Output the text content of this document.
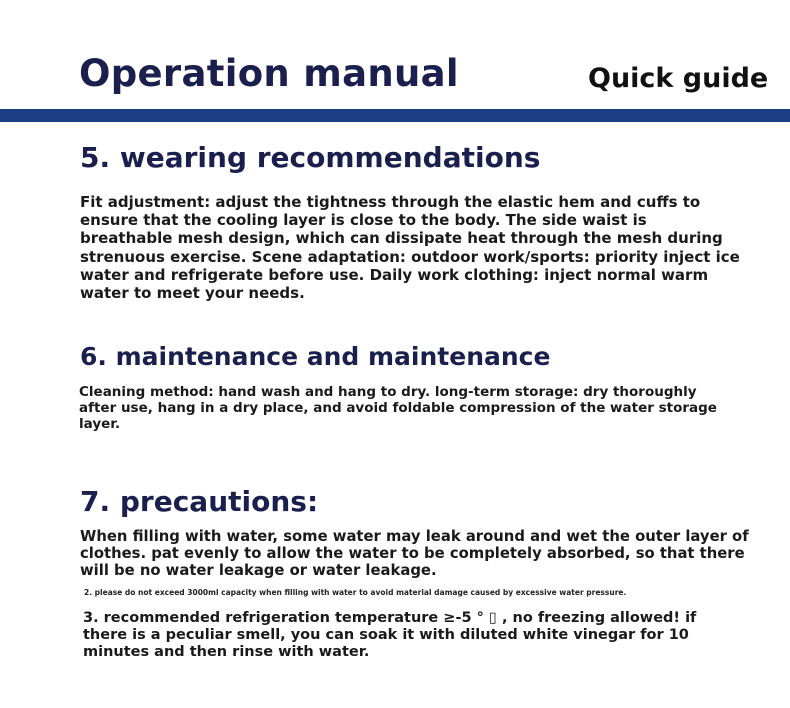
Operation manual	Quick guide
5. wearing recommendations

Fit adjustment: adjust the tightness through the elastic hem and cuffs to ensure that the cooling layer is close to the body. The side waist is breathable mesh design, which can dissipate heat through the mesh during strenuous exercise. Scene adaptation: outdoor work/sports: priority inject ice water and refrigerate before use. Daily work clothing: inject normal warm water to meet your needs.

6. maintenance and maintenance

Cleaning method: hand wash and hang to dry. long-term storage: dry thoroughly after use, hang in a dry place, and avoid foldable compression of the water storage layer.

7. precautions:

When filling with water, some water may leak around and wet the outer layer of clothes. pat evenly to allow the water to be completely absorbed, so that there will be no water leakage or water leakage.

2. please do not exceed 3000ml capacity when filling with water to avoid material damage caused by excessive water pressure.

3. recommended refrigeration temperature ≥-5 ° ▯ , no freezing allowed! if there is a peculiar smell, you can soak it with diluted white vinegar for 10 minutes and then rinse with water.
